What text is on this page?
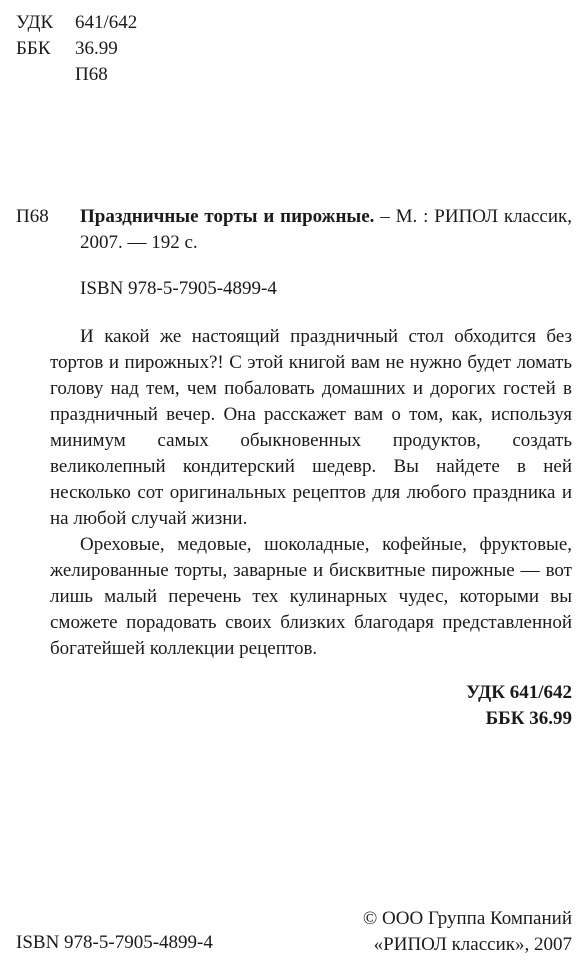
УДК 641/642
ББК 36.99
П68
П68 Праздничные торты и пирожные. – М. : РИПОЛ классик, 2007. — 192 с.
ISBN 978-5-7905-4899-4

И какой же настоящий праздничный стол обходится без тортов и пирожных?! С этой книгой вам не нужно будет ломать голову над тем, чем побаловать домашних и дорогих гостей в праздничный вечер. Она расскажет вам о том, как, используя минимум самых обыкновенных продуктов, создать великолепный кондитерский шедевр. Вы найдете в ней несколько сот оригинальных рецептов для любого праздника и на любой случай жизни.

Ореховые, медовые, шоколадные, кофейные, фруктовые, желированные торты, заварные и бисквитные пирожные — вот лишь малый перечень тех кулинарных чудес, которыми вы сможете порадовать своих близких благодаря представленной богатейшей коллекции рецептов.

УДК 641/642
ББК 36.99
© ООО Группа Компаний
«РИПОЛ классик», 2007
ISBN 978-5-7905-4899-4
